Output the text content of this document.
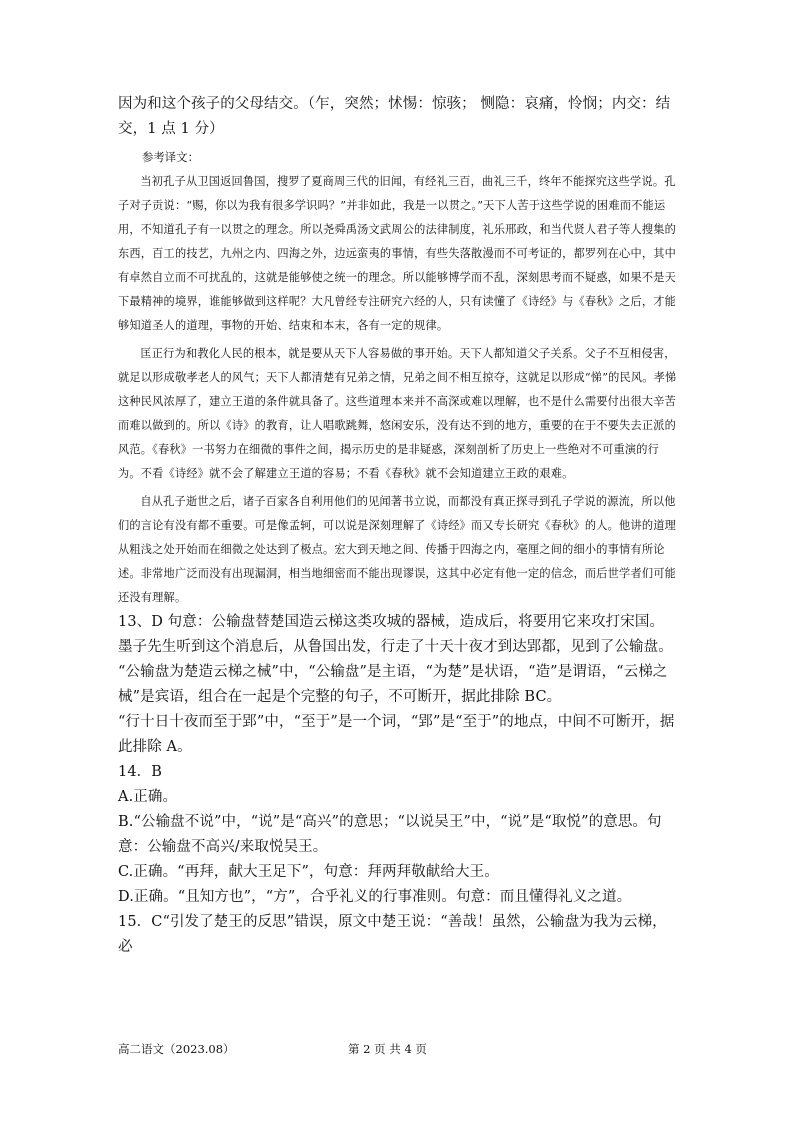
因为和这个孩子的父母结交。（乍，突然；怵惕：惊骇； 恻隐：哀痛，怜悯；内交：结交，1 点 1 分）

参考译文：

当初孔子从卫国返回鲁国，搜罗了夏商周三代的旧闻，有经礼三百，曲礼三千，终年不能探究这些学说。孔子对子贡说：“赐，你以为我有很多学识吗？”并非如此，我是一以贯之。”天下人苦于这些学说的困难而不能运用，不知道孔子有一以贯之的理念。所以尧舜禹汤文武周公的法律制度，礼乐邢政，和当代贤人君子等人搜集的东西，百工的技艺，九州之内、四海之外，边远蛮夷的事情，有些失落散漫而不可考证的，都罗列在心中，其中有卓然自立而不可扰乱的，这就是能够使之统一的理念。所以能够博学而不乱，深刻思考而不疑惑，如果不是天下最精神的境界，谁能够做到这样呢？大凡曾经专注研究六经的人，只有读懂了《诗经》与《春秋》之后，才能够知道圣人的道理，事物的开始、结束和本末，各有一定的规律。

匡正行为和教化人民的根本，就是要从天下人容易做的事开始。天下人都知道父子关系。父子不互相侵害，就足以形成敬孝老人的风气；天下人都清楚有兄弟之情，兄弟之间不相互掠夺，这就足以形成“悌”的民风。孝悌这种民风浓厚了，建立王道的条件就具备了。这些道理本来并不高深或难以理解，也不是什么需要付出很大辛苦而难以做到的。所以《诗》的教育，让人唱歌跳舞，悠闲安乐，没有达不到的地方，重要的在于不要失去正派的风范。《春秋》一书努力在细微的事件之间，揭示历史的是非疑惑，深刻剖析了历史上一些绝对不可重演的行为。不看《诗经》就不会了解建立王道的容易；不看《春秋》就不会知道建立王政的艰难。

自从孔子逝世之后，诸子百家各自利用他们的见闻著书立说，而都没有真正探寻到孔子学说的源流，所以他们的言论有没有都不重要。可是像孟轲，可以说是深刻理解了《诗经》而又专长研究《春秋》的人。他讲的道理从粗浅之处开始而在细微之处达到了极点。宏大到天地之间、传播于四海之内，毫厘之间的细小的事情有所论述。非常地广泛而没有出现漏洞，相当地细密而不能出现谬误，这其中必定有他一定的信念，而后世学者们可能还没有理解。

13、D 句意：公输盘替楚国造云梯这类攻城的器械，造成后，将要用它来攻打宋国。墨子先生听到这个消息后，从鲁国出发，行走了十天十夜才到达郢都，见到了公输盘。

“公输盘为楚造云梯之械”中，“公输盘”是主语，“为楚”是状语，“造”是谓语，“云梯之械”是宾语，组合在一起是个完整的句子，不可断开，据此排除 BC。

“行十日十夜而至于郢”中，“至于”是一个词，“郢”是“至于”的地点，中间不可断开，据此排除 A。

14．B

A.正确。

B.“公输盘不说”中，“说”是“高兴”的意思；“以说吴王”中，“说”是“取悦”的意思。句意：公输盘不高兴/来取悦吴王。

C.正确。“再拜，献大王足下”，句意：拜两拜敬献给大王。

D.正确。“且知方也”，“方”，合乎礼义的行事准则。句意：而且懂得礼义之道。

15．C“引发了楚王的反思”错误，原文中楚王说：“善哉！虽然，公输盘为我为云梯，必

高二语文（2023.08）	第 2 页 共 4 页
